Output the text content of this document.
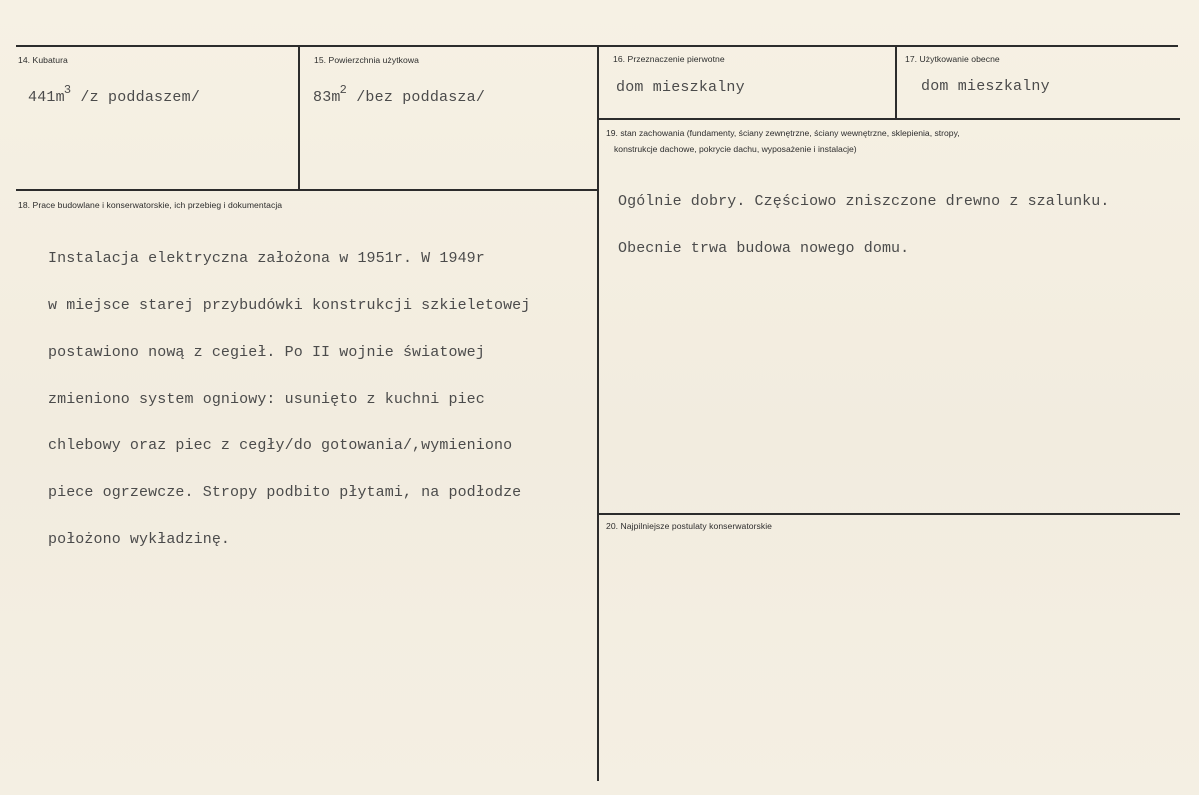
14. Kubatura
$441m^3$ /z poddaszem/
15. Powierzchnia użytkowa
$83m^2$ /bez poddasza/
16. Przeznaczenie pierwotne
dom mieszkalny
17. Użytkowanie obecne
dom mieszkalny
18. Prace budowlane i konserwatorskie, ich przebieg i dokumentacja

Instalacja elektryczna założona w 1951r. W 1949r

w miejsce starej przybudówki konstrukcji szkieletowej

postawiono nową z cegieł. Po II wojnie światowej

zmieniono system ogniowy: usunięto z kuchni piec

chlebowy oraz piec z cegły/do gotowania/,wymieniono

piece ogrzewcze. Stropy podbito płytami, na podłodze

położono wykładzinę.

19. stan zachowania (fundamenty, ściany zewnętrzne, ściany wewnętrzne, sklepienia, stropy,
konstrukcje dachowe, pokrycie dachu, wyposażenie i instalacje)

Ogólnie dobry. Częściowo zniszczone drewno z szalunku.

Obecnie trwa budowa nowego domu.

20. Najpilniejsze postulaty konserwatorskie
